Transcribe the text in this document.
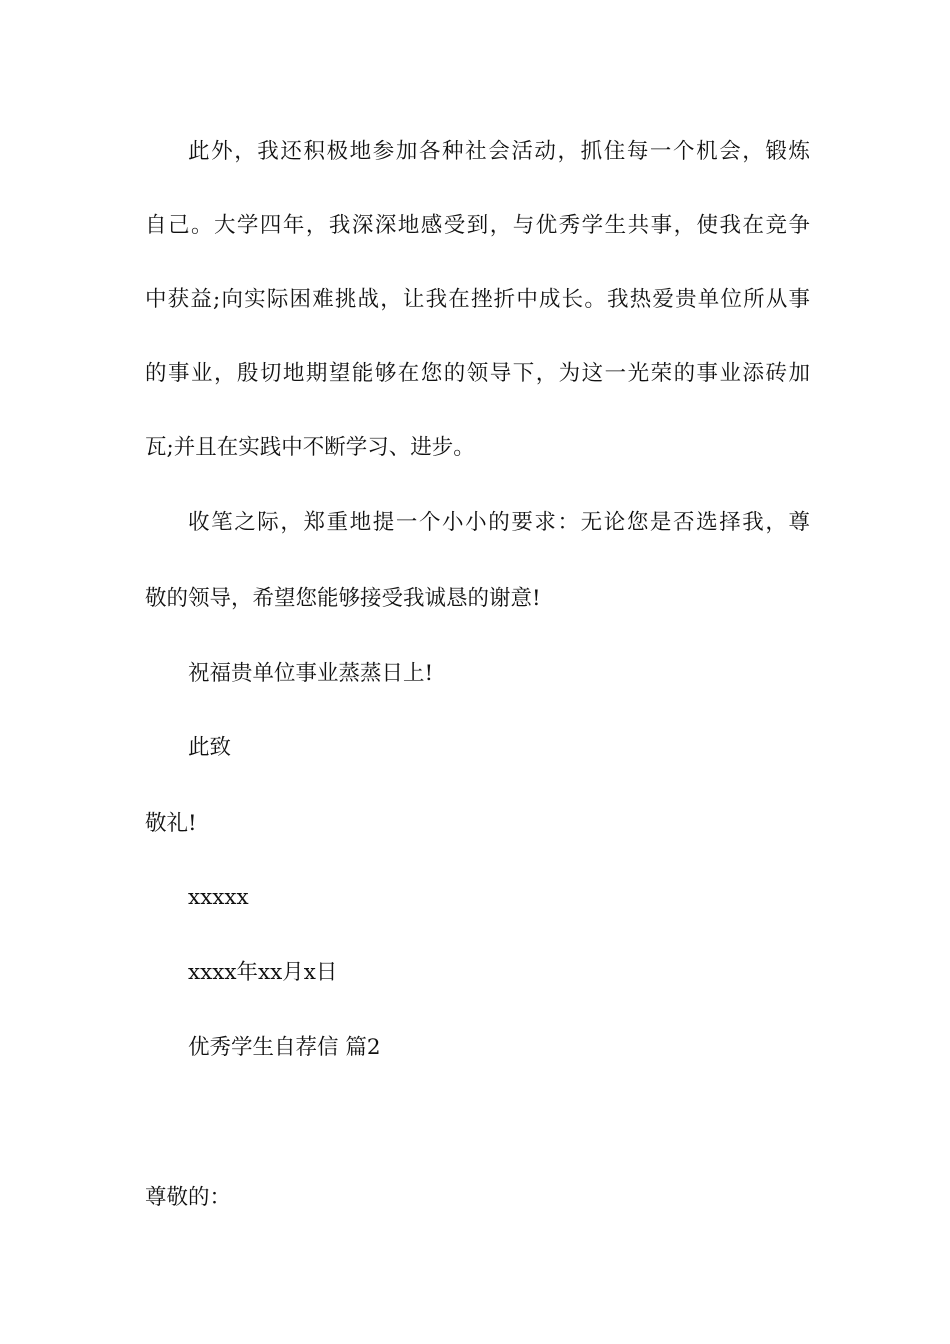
此外，我还积极地参加各种社会活动，抓住每一个机会，锻炼
自己。大学四年，我深深地感受到，与优秀学生共事，使我在竞争
中获益;向实际困难挑战，让我在挫折中成长。我热爱贵单位所从事
的事业，殷切地期望能够在您的领导下，为这一光荣的事业添砖加
瓦;并且在实践中不断学习、进步。
收笔之际，郑重地提一个小小的要求：无论您是否选择我，尊
敬的领导，希望您能够接受我诚恳的谢意!
祝福贵单位事业蒸蒸日上!
此致
敬礼!
xxxxx
xxxx年xx月x日
优秀学生自荐信 篇2
尊敬的：
